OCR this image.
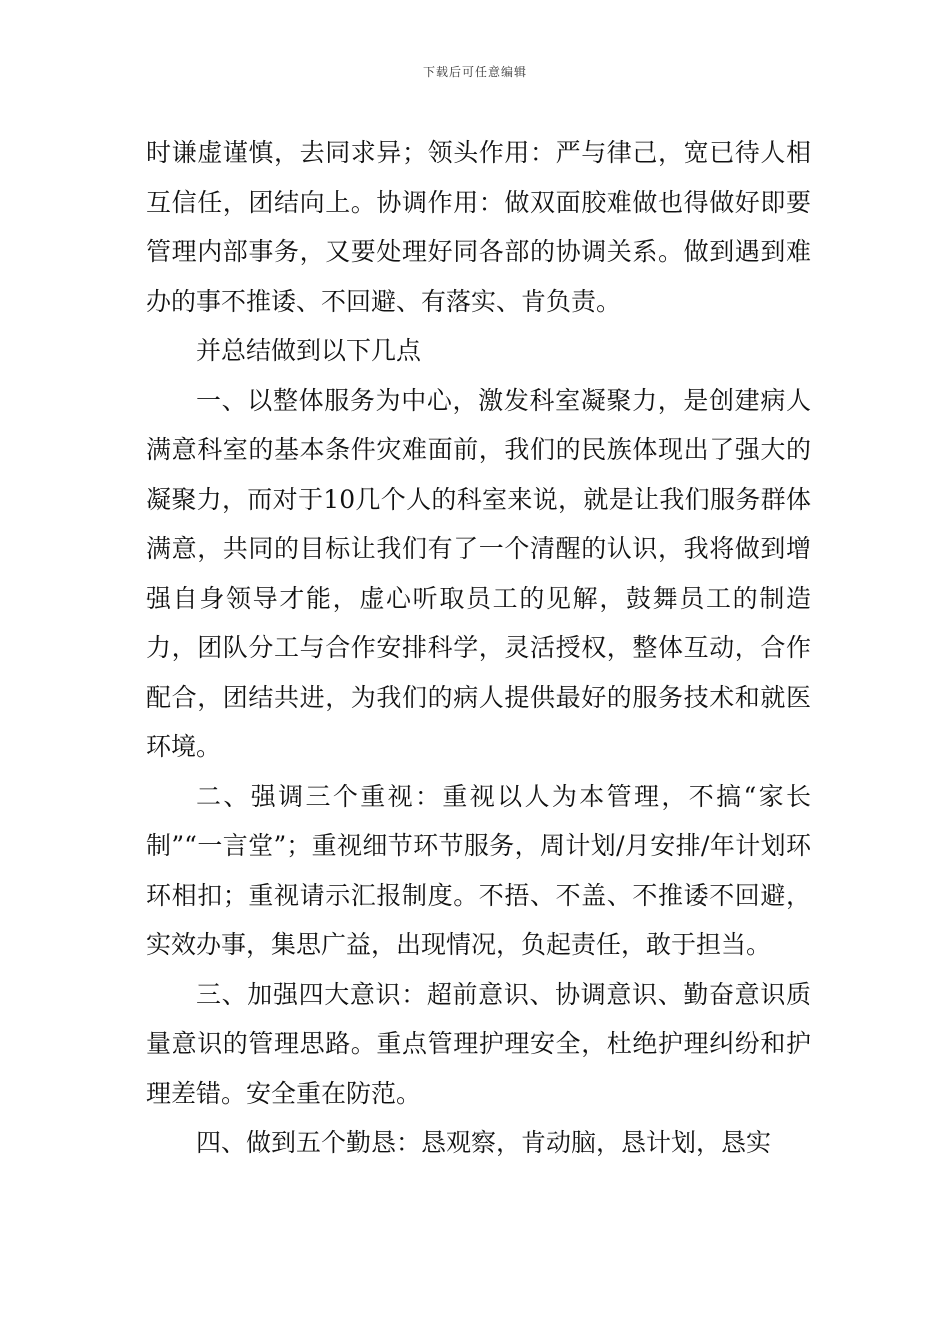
下载后可任意编辑

时谦虚谨慎，去同求异；领头作用：严与律己，宽已待人相互信任，团结向上。协调作用：做双面胶难做也得做好即要管理内部事务，又要处理好同各部的协调关系。做到遇到难办的事不推诿、不回避、有落实、肯负责。

并总结做到以下几点

一、以整体服务为中心，激发科室凝聚力，是创建病人满意科室的基本条件灾难面前，我们的民族体现出了强大的凝聚力，而对于10几个人的科室来说，就是让我们服务群体满意，共同的目标让我们有了一个清醒的认识，我将做到增强自身领导才能，虚心听取员工的见解，鼓舞员工的制造力，团队分工与合作安排科学，灵活授权，整体互动，合作配合，团结共进，为我们的病人提供最好的服务技术和就医环境。

二、强调三个重视：重视以人为本管理，不搞“家长制”“一言堂”；重视细节环节服务，周计划/月安排/年计划环环相扣；重视请示汇报制度。不捂、不盖、不推诿不回避，实效办事，集思广益，出现情况，负起责任，敢于担当。

三、加强四大意识：超前意识、协调意识、勤奋意识质量意识的管理思路。重点管理护理安全，杜绝护理纠纷和护理差错。安全重在防范。

四、做到五个勤恳：恳观察，肯动脑，恳计划，恳实
